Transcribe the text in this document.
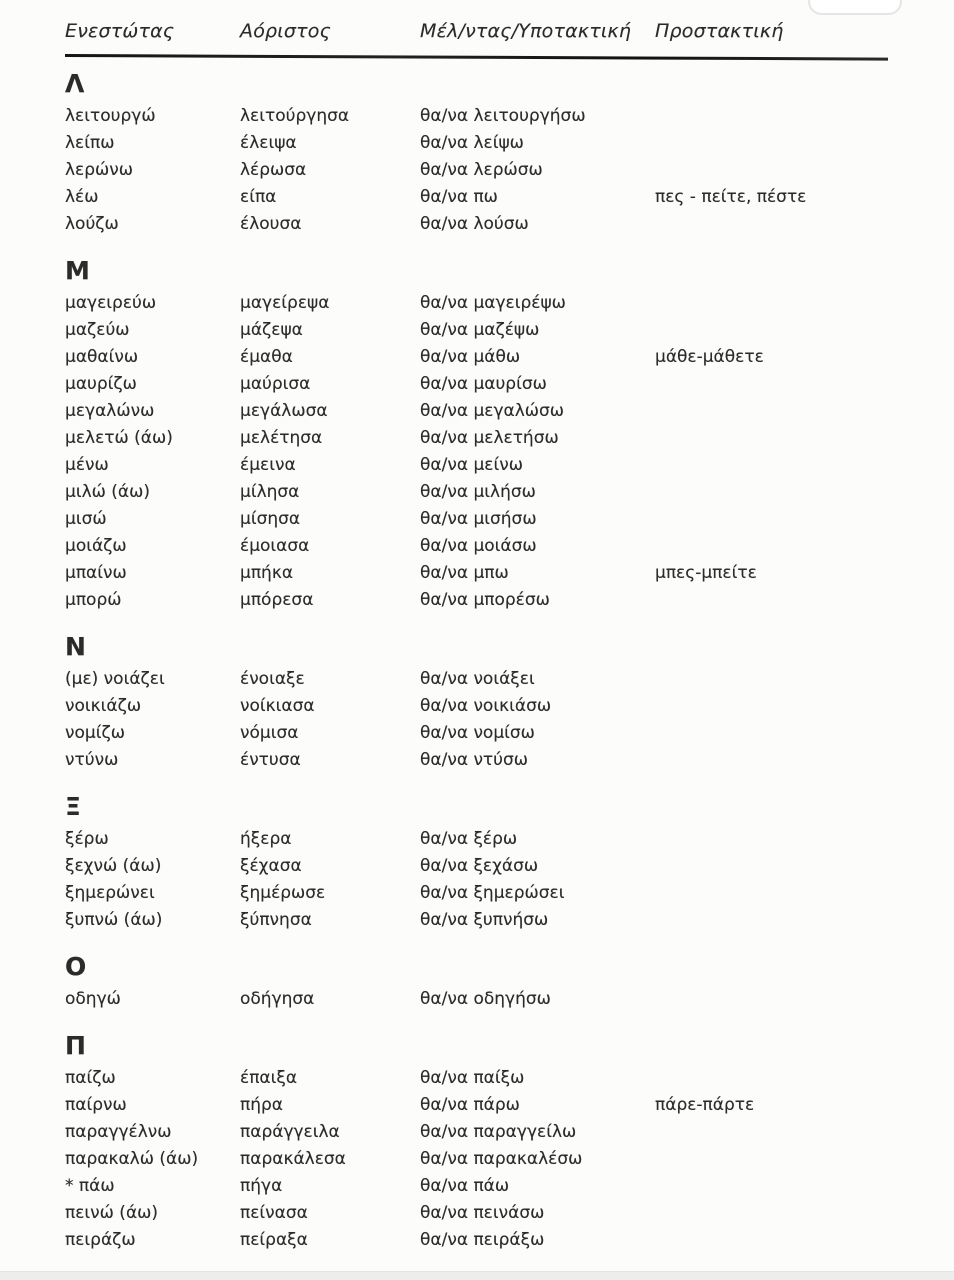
Ενεστώτας	Αόριστος	Μέλ/ντας/Υποτακτική	Προστακτική
Λ
λειτουργώ	λειτούργησα	θα/να λειτουργήσω
λείπω	έλειψα	θα/να λείψω
λερώνω	λέρωσα	θα/να λερώσω
λέω	είπα	θα/να πω	πες - πείτε, πέστε
λούζω	έλουσα	θα/να λούσω
Μ
μαγειρεύω	μαγείρεψα	θα/να μαγειρέψω
μαζεύω	μάζεψα	θα/να μαζέψω
μαθαίνω	έμαθα	θα/να μάθω	μάθε-μάθετε
μαυρίζω	μαύρισα	θα/να μαυρίσω
μεγαλώνω	μεγάλωσα	θα/να μεγαλώσω
μελετώ (άω)	μελέτησα	θα/να μελετήσω
μένω	έμεινα	θα/να μείνω
μιλώ (άω)	μίλησα	θα/να μιλήσω
μισώ	μίσησα	θα/να μισήσω
μοιάζω	έμοιασα	θα/να μοιάσω
μπαίνω	μπήκα	θα/να μπω	μπες-μπείτε
μπορώ	μπόρεσα	θα/να μπορέσω
Ν
(με) νοιάζει	ένοιαξε	θα/να νοιάξει
νοικιάζω	νοίκιασα	θα/να νοικιάσω
νομίζω	νόμισα	θα/να νομίσω
ντύνω	έντυσα	θα/να ντύσω
Ξ
ξέρω	ήξερα	θα/να ξέρω
ξεχνώ (άω)	ξέχασα	θα/να ξεχάσω
ξημερώνει	ξημέρωσε	θα/να ξημερώσει
ξυπνώ (άω)	ξύπνησα	θα/να ξυπνήσω
Ο
οδηγώ	οδήγησα	θα/να οδηγήσω
Π
παίζω	έπαιξα	θα/να παίξω
παίρνω	πήρα	θα/να πάρω	πάρε-πάρτε
παραγγέλνω	παράγγειλα	θα/να παραγγείλω
παρακαλώ (άω)	παρακάλεσα	θα/να παρακαλέσω
* πάω	πήγα	θα/να πάω
πεινώ (άω)	πείνασα	θα/να πεινάσω
πειράζω	πείραξα	θα/να πειράξω
